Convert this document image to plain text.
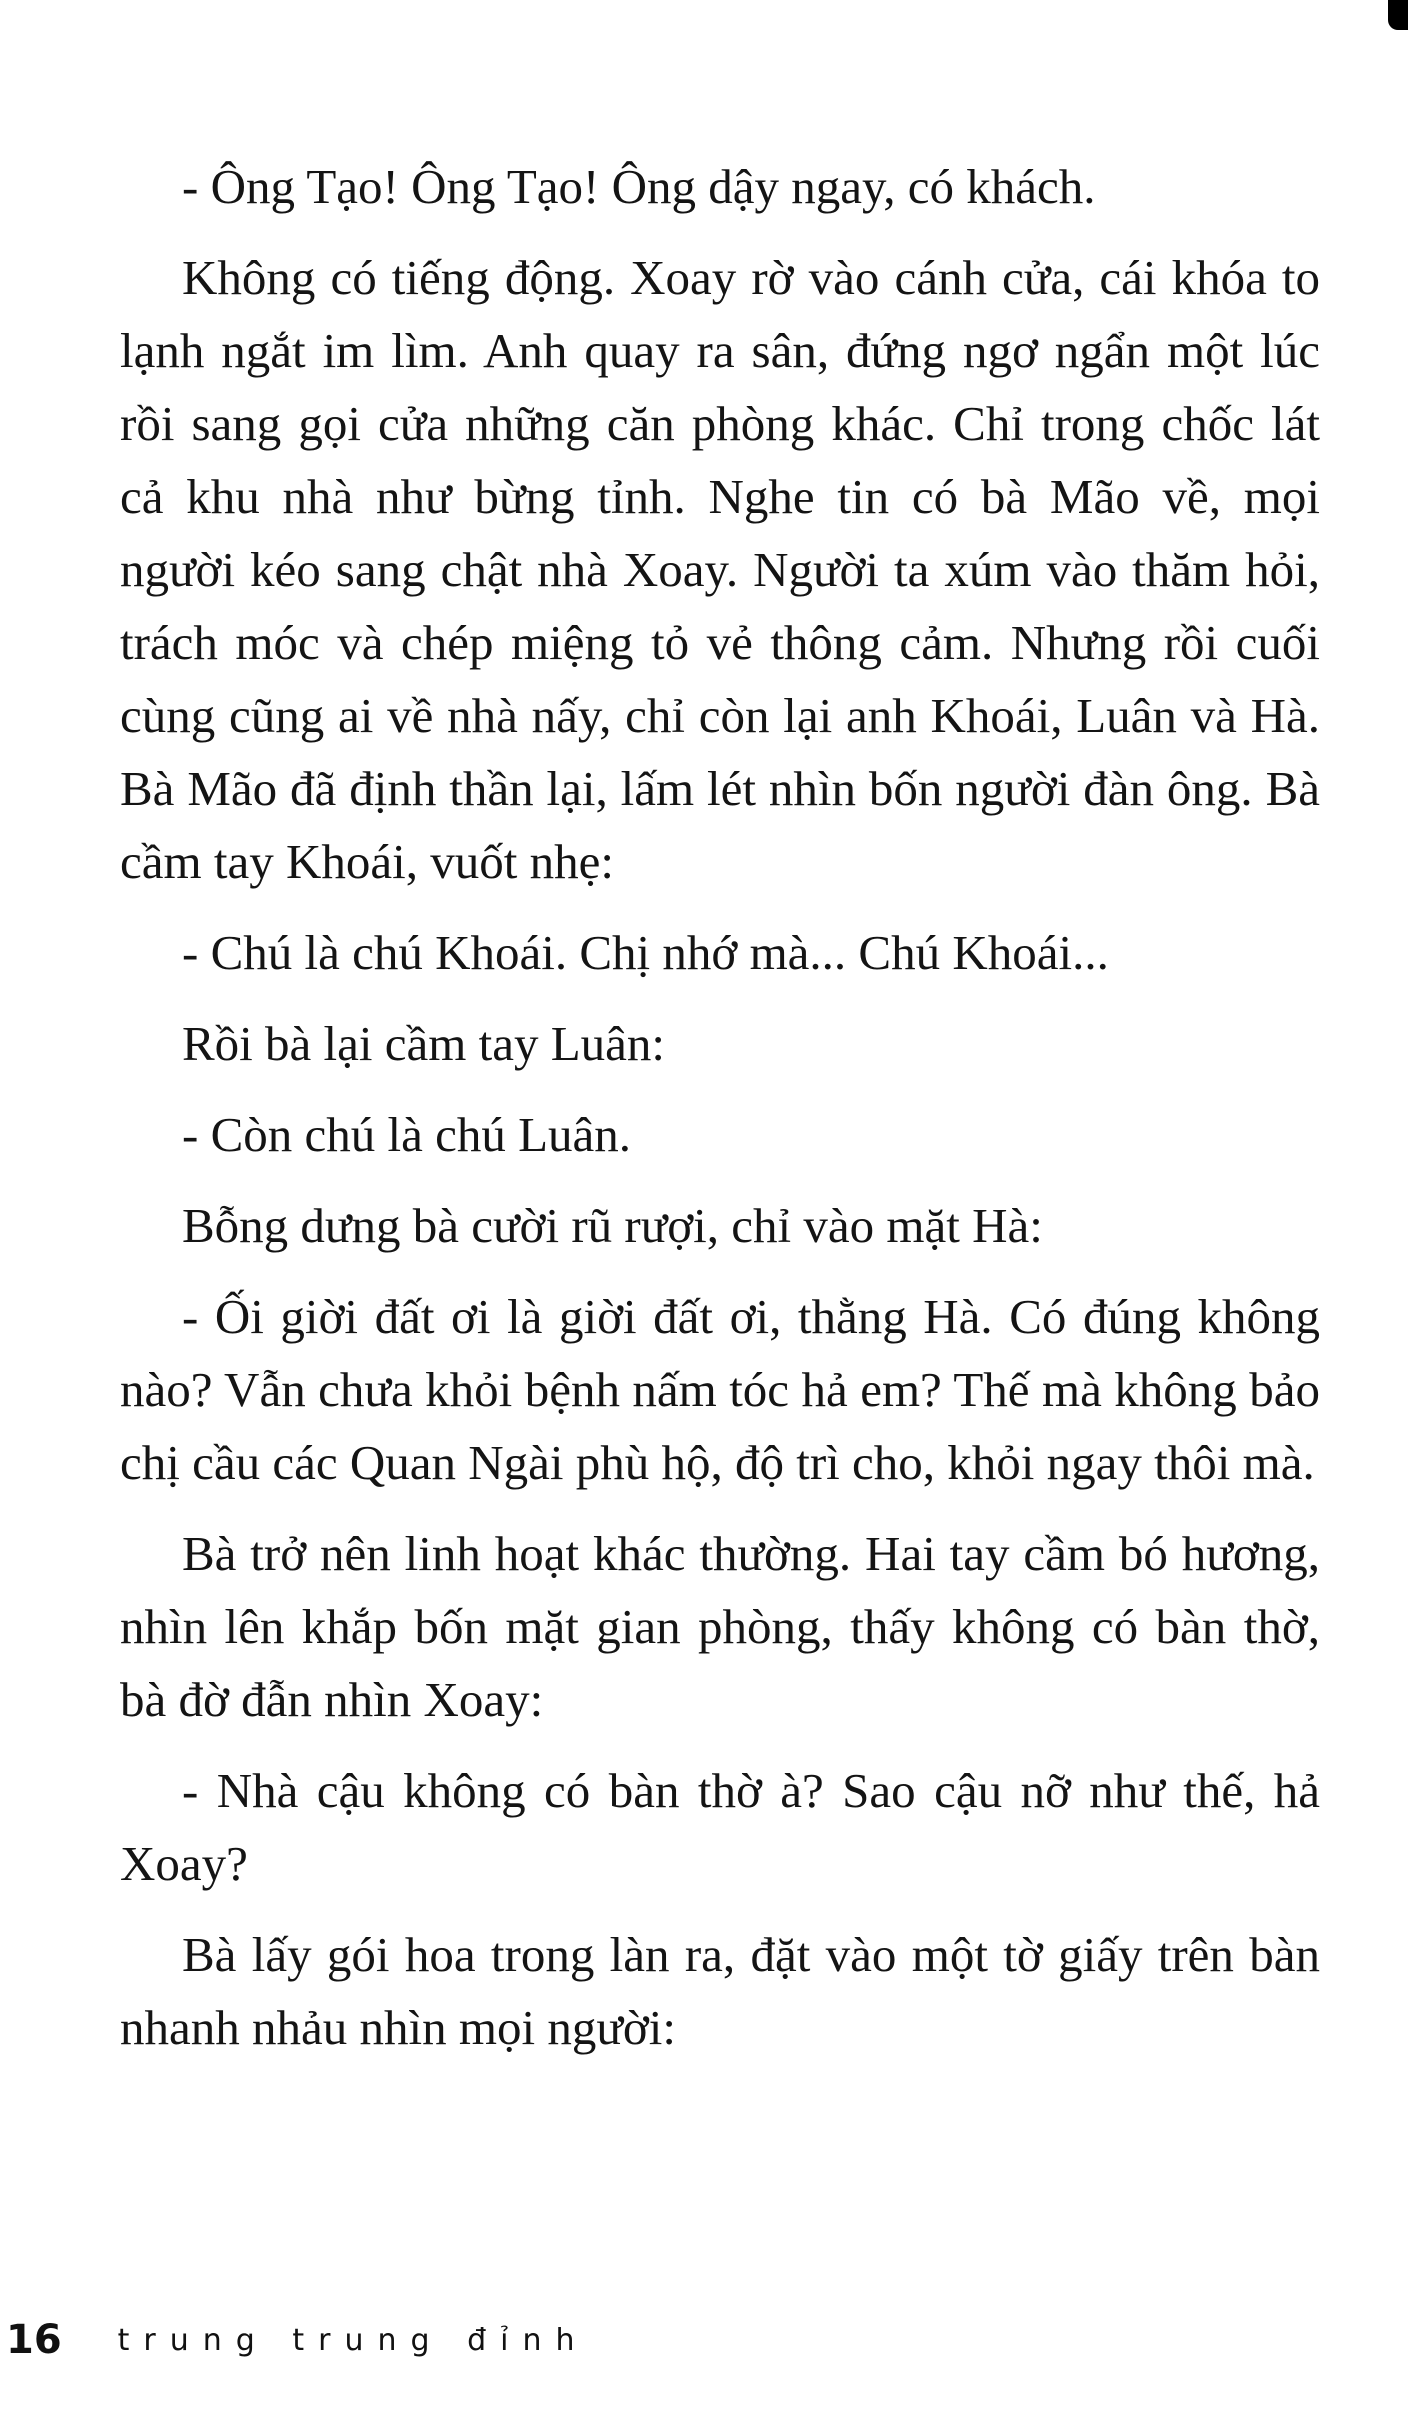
- Ông Tạo! Ông Tạo! Ông dậy ngay, có khách.

Không có tiếng động. Xoay rờ vào cánh cửa, cái khóa to lạnh ngắt im lìm. Anh quay ra sân, đứng ngơ ngẩn một lúc rồi sang gọi cửa những căn phòng khác. Chỉ trong chốc lát cả khu nhà như bừng tỉnh. Nghe tin có bà Mão về, mọi người kéo sang chật nhà Xoay. Người ta xúm vào thăm hỏi, trách móc và chép miệng tỏ vẻ thông cảm. Nhưng rồi cuối cùng cũng ai về nhà nấy, chỉ còn lại anh Khoái, Luân và Hà. Bà Mão đã định thần lại, lấm lét nhìn bốn người đàn ông. Bà cầm tay Khoái, vuốt nhẹ:

- Chú là chú Khoái. Chị nhớ mà... Chú Khoái...

Rồi bà lại cầm tay Luân:

- Còn chú là chú Luân.

Bỗng dưng bà cười rũ rượi, chỉ vào mặt Hà:

- Ối giời đất ơi là giời đất ơi, thằng Hà. Có đúng không nào? Vẫn chưa khỏi bệnh nấm tóc hả em? Thế mà không bảo chị cầu các Quan Ngài phù hộ, độ trì cho, khỏi ngay thôi mà.

Bà trở nên linh hoạt khác thường. Hai tay cầm bó hương, nhìn lên khắp bốn mặt gian phòng, thấy không có bàn thờ, bà đờ đẫn nhìn Xoay:

- Nhà cậu không có bàn thờ à? Sao cậu nỡ như thế, hả Xoay?

Bà lấy gói hoa trong làn ra, đặt vào một tờ giấy trên bàn nhanh nhảu nhìn mọi người:

16 trung trung đỉnh
